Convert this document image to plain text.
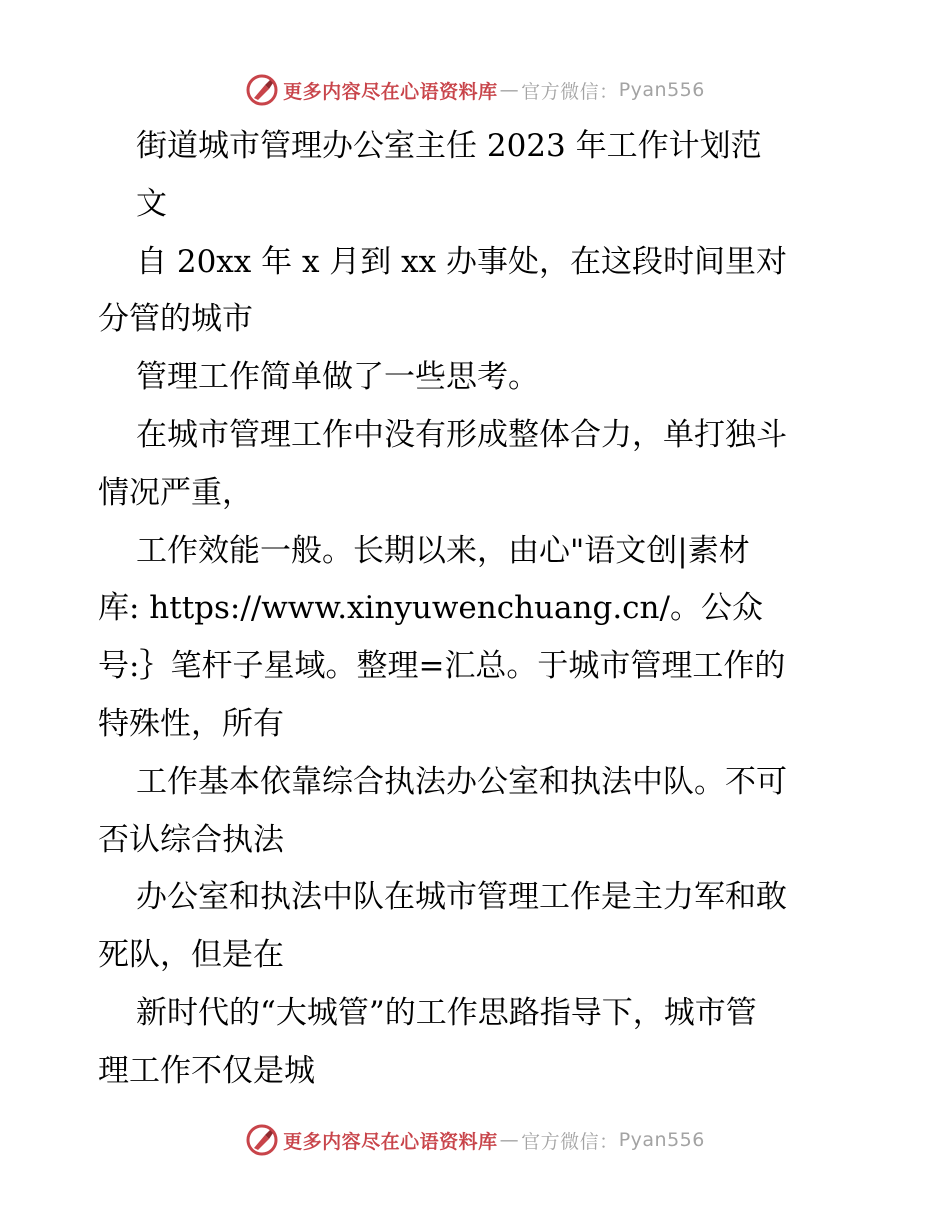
更多内容尽在心语资料库 — 官方微信： Pyan556
街道城市管理办公室主任 2023 年工作计划范
文
自 20xx 年 x 月到 xx 办事处，在这段时间里对
分管的城市
管理工作简单做了一些思考。
在城市管理工作中没有形成整体合力，单打独斗
情况严重，
工作效能一般。长期以来，由心"语文创|素材
库: https://www.xinyuwenchuang.cn/。公众
号:｝笔杆子星域。整理=汇总。于城市管理工作的
特殊性，所有
工作基本依靠综合执法办公室和执法中队。不可
否认综合执法
办公室和执法中队在城市管理工作是主力军和敢
死队，但是在
新时代的“大城管”的工作思路指导下，城市管
理工作不仅是城
更多内容尽在心语资料库 — 官方微信： Pyan556
